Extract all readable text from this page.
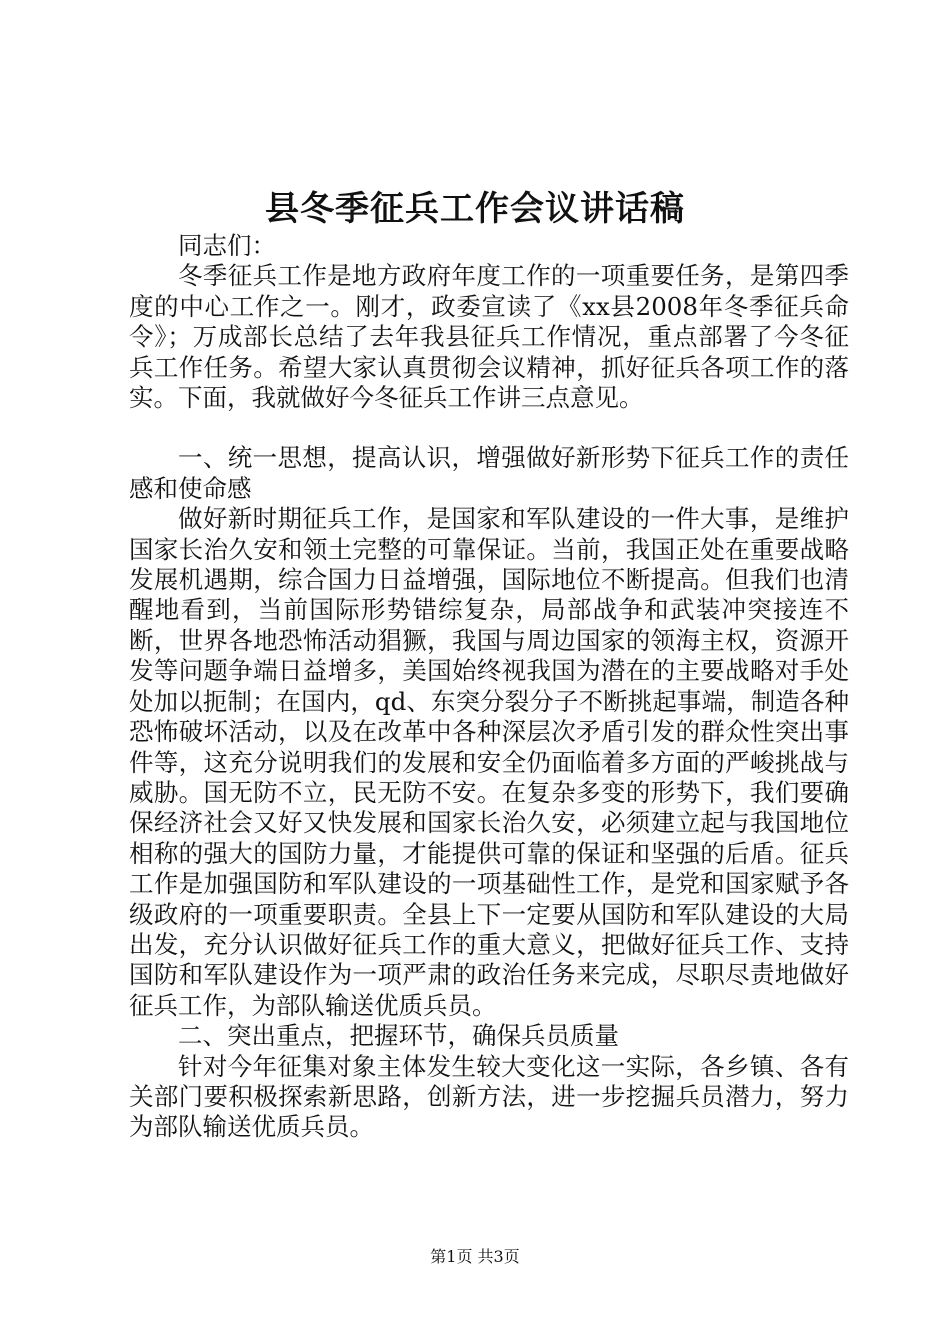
县冬季征兵工作会议讲话稿

同志们：

冬季征兵工作是地方政府年度工作的一项重要任务，是第四季度的中心工作之一。刚才，政委宣读了《xx县2008年冬季征兵命令》；万成部长总结了去年我县征兵工作情况，重点部署了今冬征兵工作任务。希望大家认真贯彻会议精神，抓好征兵各项工作的落实。下面，我就做好今冬征兵工作讲三点意见。

一、统一思想，提高认识，增强做好新形势下征兵工作的责任感和使命感

做好新时期征兵工作，是国家和军队建设的一件大事，是维护国家长治久安和领土完整的可靠保证。当前，我国正处在重要战略发展机遇期，综合国力日益增强，国际地位不断提高。但我们也清醒地看到，当前国际形势错综复杂，局部战争和武装冲突接连不断，世界各地恐怖活动猖獗，我国与周边国家的领海主权，资源开发等问题争端日益增多，美国始终视我国为潜在的主要战略对手处处加以扼制；在国内，qd、东突分裂分子不断挑起事端，制造各种恐怖破坏活动，以及在改革中各种深层次矛盾引发的群众性突出事件等，这充分说明我们的发展和安全仍面临着多方面的严峻挑战与威胁。国无防不立，民无防不安。在复杂多变的形势下，我们要确保经济社会又好又快发展和国家长治久安，必须建立起与我国地位相称的强大的国防力量，才能提供可靠的保证和坚强的后盾。征兵工作是加强国防和军队建设的一项基础性工作，是党和国家赋予各级政府的一项重要职责。全县上下一定要从国防和军队建设的大局出发，充分认识做好征兵工作的重大意义，把做好征兵工作、支持国防和军队建设作为一项严肃的政治任务来完成，尽职尽责地做好征兵工作，为部队输送优质兵员。

二、突出重点，把握环节，确保兵员质量

针对今年征集对象主体发生较大变化这一实际，各乡镇、各有关部门要积极探索新思路，创新方法，进一步挖掘兵员潜力，努力为部队输送优质兵员。

第1页 共3页
